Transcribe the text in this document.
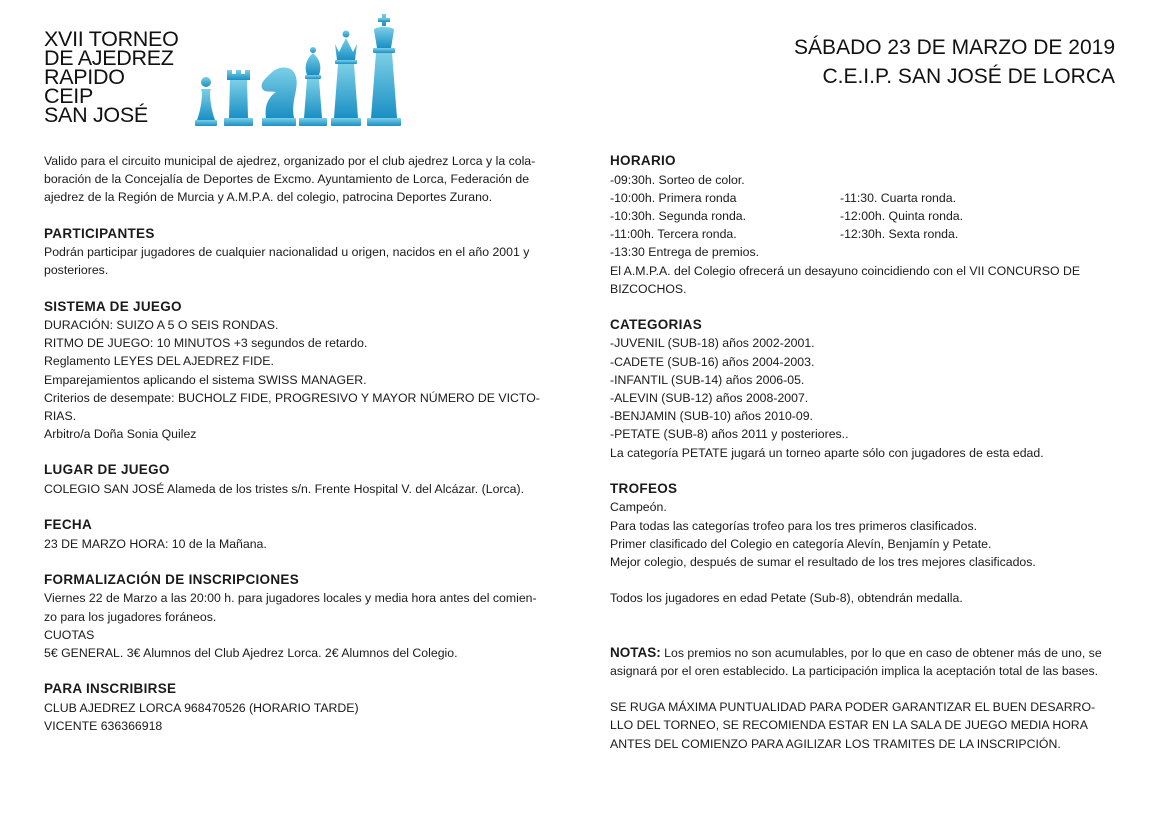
XVII TORNEO
DE AJEDREZ
RAPIDO
CEIP
SAN JOSÉ
SÁBADO 23 DE MARZO DE 2019
C.E.I.P. SAN JOSÉ DE LORCA
Valido para el circuito municipal de ajedrez, organizado por el club ajedrez Lorca y la cola-
boración de la Concejalía de Deportes de Excmo. Ayuntamiento de Lorca, Federación de
ajedrez de la Región de Murcia y A.M.P.A. del colegio, patrocina Deportes Zurano.
PARTICIPANTES
Podrán participar jugadores de cualquier nacionalidad u origen, nacidos en el año 2001 y
posteriores.
SISTEMA DE JUEGO
DURACIÓN: SUIZO A 5 O SEIS RONDAS.
RITMO DE JUEGO: 10 MINUTOS +3 segundos de retardo.
Reglamento LEYES DEL AJEDREZ FIDE.
Emparejamientos aplicando el sistema SWISS MANAGER.
Criterios de desempate: BUCHOLZ FIDE, PROGRESIVO Y MAYOR NÚMERO DE VICTO-
RIAS.
Arbitro/a Doña Sonia Quilez
LUGAR DE JUEGO
COLEGIO SAN JOSÉ Alameda de los tristes s/n. Frente Hospital V. del Alcázar. (Lorca).
FECHA
23 DE MARZO HORA: 10 de la Mañana.
FORMALIZACIÓN DE INSCRIPCIONES
Viernes 22 de Marzo a las 20:00 h. para jugadores locales y media hora antes del comien-
zo para los jugadores foráneos.
CUOTAS
5€ GENERAL. 3€ Alumnos del Club Ajedrez Lorca. 2€ Alumnos del Colegio.
PARA INSCRIBIRSE
CLUB AJEDREZ LORCA 968470526 (HORARIO TARDE)
VICENTE 636366918
HORARIO
-09:30h. Sorteo de color.
-10:00h. Primera ronda	-11:30. Cuarta ronda.
-10:30h. Segunda ronda.	-12:00h. Quinta ronda.
-11:00h. Tercera ronda.	-12:30h. Sexta ronda.
-13:30 Entrega de premios.
El A.M.P.A. del Colegio ofrecerá un desayuno coincidiendo con el VII CONCURSO DE
BIZCOCHOS.
CATEGORIAS
-JUVENIL (SUB-18) años 2002-2001.
-CADETE (SUB-16) años 2004-2003.
-INFANTIL (SUB-14) años 2006-05.
-ALEVIN (SUB-12) años 2008-2007.
-BENJAMIN (SUB-10) años 2010-09.
-PETATE (SUB-8) años 2011 y posteriores..
La categoría PETATE jugará un torneo aparte sólo con jugadores de esta edad.
TROFEOS
Campeón.
Para todas las categorías trofeo para los tres primeros clasificados.
Primer clasificado del Colegio en categoría Alevín, Benjamín y Petate.
Mejor colegio, después de sumar el resultado de los tres mejores clasificados.
Todos los jugadores en edad Petate (Sub-8), obtendrán medalla.
NOTAS: Los premios no son acumulables, por lo que en caso de obtener más de uno, se
asignará por el oren establecido. La participación implica la aceptación total de las bases.
SE RUGA MÁXIMA PUNTUALIDAD PARA PODER GARANTIZAR EL BUEN DESARRO-
LLO DEL TORNEO, SE RECOMIENDA ESTAR EN LA SALA DE JUEGO MEDIA HORA
ANTES DEL COMIENZO PARA AGILIZAR LOS TRAMITES DE LA INSCRIPCIÓN.
